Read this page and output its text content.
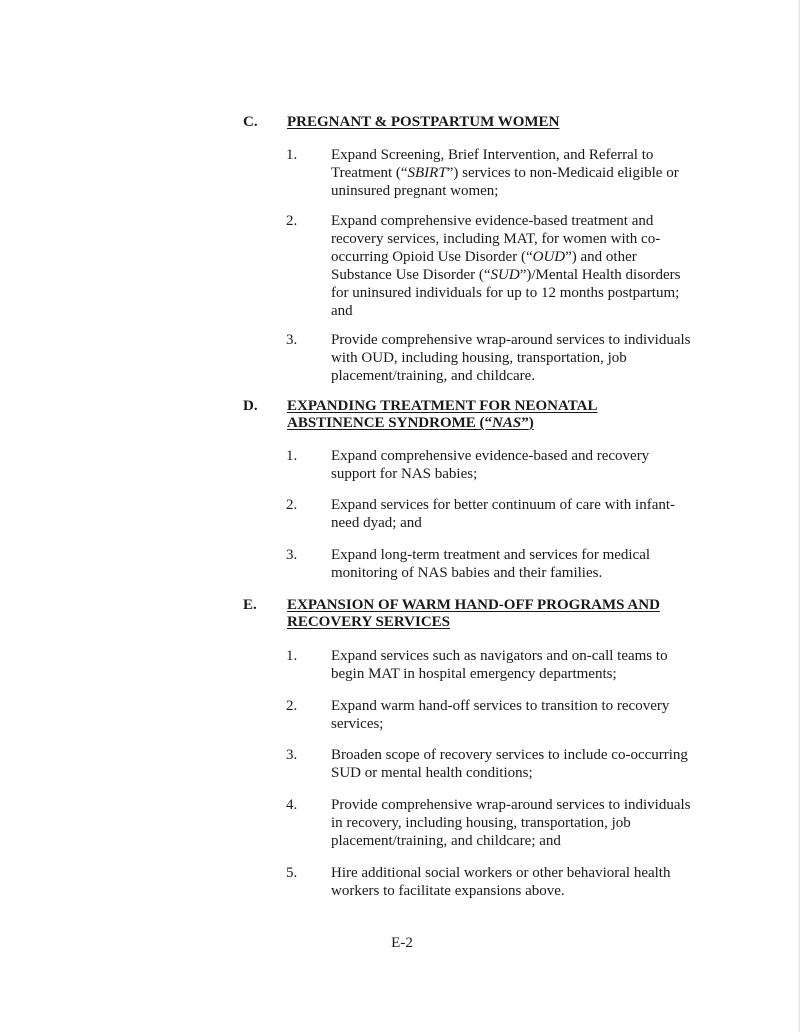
C. PREGNANT & POSTPARTUM WOMEN
1. Expand Screening, Brief Intervention, and Referral to
Treatment (“SBIRT”) services to non-Medicaid eligible or
uninsured pregnant women;
2. Expand comprehensive evidence-based treatment and
recovery services, including MAT, for women with co-
occurring Opioid Use Disorder (“OUD”) and other
Substance Use Disorder (“SUD”)/Mental Health disorders
for uninsured individuals for up to 12 months postpartum;
and
3. Provide comprehensive wrap-around services to individuals
with OUD, including housing, transportation, job
placement/training, and childcare.
D. EXPANDING TREATMENT FOR NEONATAL
ABSTINENCE SYNDROME (“NAS”)
1. Expand comprehensive evidence-based and recovery
support for NAS babies;
2. Expand services for better continuum of care with infant-
need dyad; and
3. Expand long-term treatment and services for medical
monitoring of NAS babies and their families.
E. EXPANSION OF WARM HAND-OFF PROGRAMS AND
RECOVERY SERVICES
1. Expand services such as navigators and on-call teams to
begin MAT in hospital emergency departments;
2. Expand warm hand-off services to transition to recovery
services;
3. Broaden scope of recovery services to include co-occurring
SUD or mental health conditions;
4. Provide comprehensive wrap-around services to individuals
in recovery, including housing, transportation, job
placement/training, and childcare; and
5. Hire additional social workers or other behavioral health
workers to facilitate expansions above.
E-2
